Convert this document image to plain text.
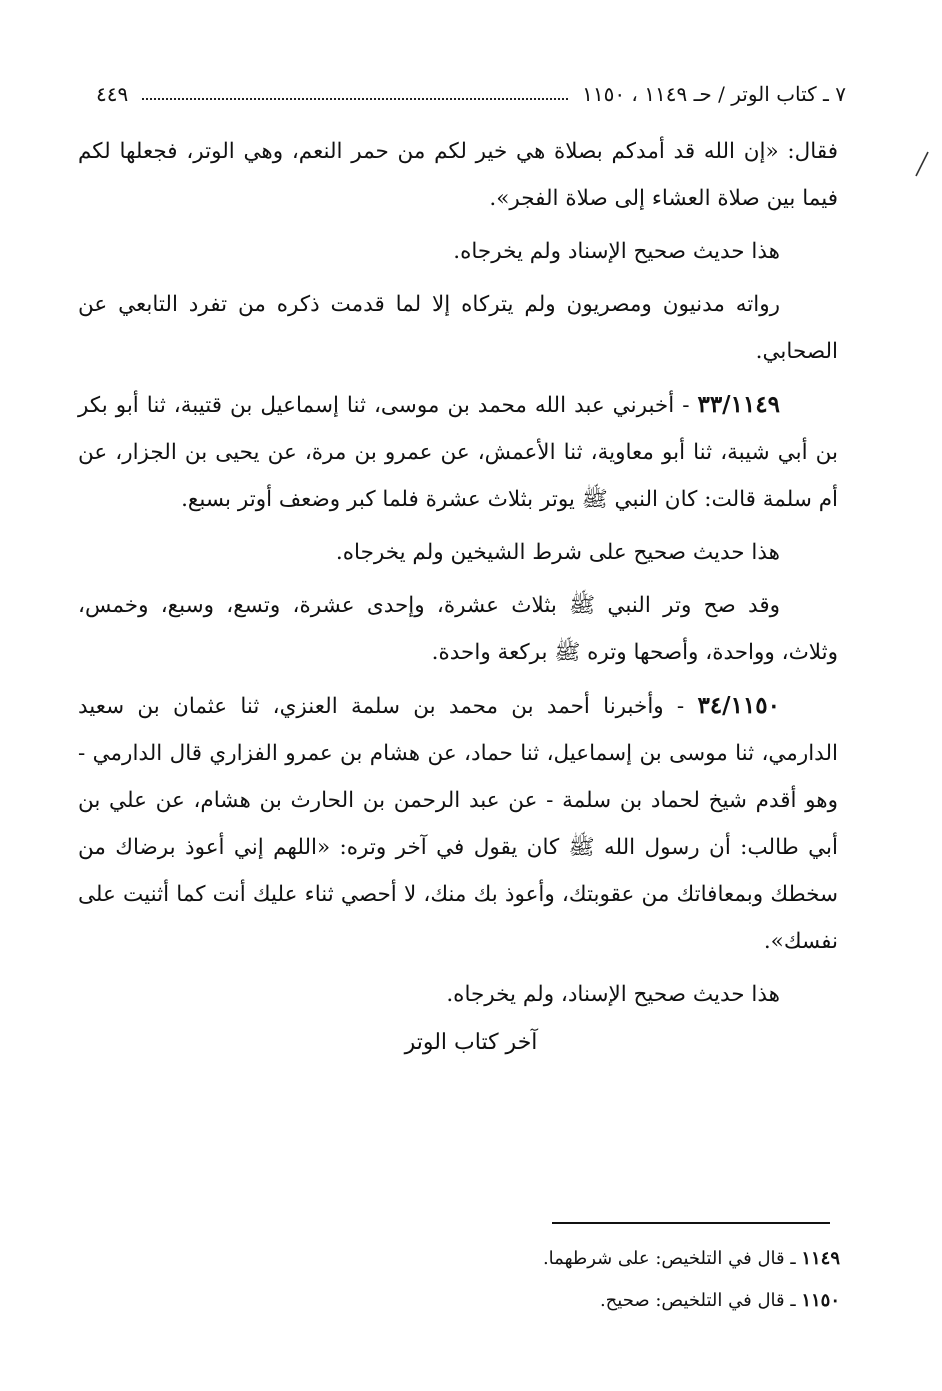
٧ ـ كتاب الوتر / حـ ١١٤٩ ، ١١٥٠
٤٤٩

فقال: «إن الله قد أمدكم بصلاة هي خير لكم من حمر النعم، وهي الوتر، فجعلها لكم فيما بين صلاة العشاء إلى صلاة الفجر».

هذا حديث صحيح الإسناد ولم يخرجاه.

رواته مدنيون ومصريون ولم يتركاه إلا لما قدمت ذكره من تفرد التابعي عن الصحابي.

٣٣/١١٤٩ - أخبرني عبد الله محمد بن موسى، ثنا إسماعيل بن قتيبة، ثنا أبو بكر بن أبي شيبة، ثنا أبو معاوية، ثنا الأعمش، عن عمرو بن مرة، عن يحيى بن الجزار، عن أم سلمة قالت: كان النبي ﷺ يوتر بثلاث عشرة فلما كبر وضعف أوتر بسبع.

هذا حديث صحيح على شرط الشيخين ولم يخرجاه.

وقد صح وتر النبي ﷺ بثلاث عشرة، وإحدى عشرة، وتسع، وسبع، وخمس، وثلاث، وواحدة، وأصحها وتره ﷺ بركعة واحدة.

٣٤/١١٥٠ - وأخبرنا أحمد بن محمد بن سلمة العنزي، ثنا عثمان بن سعيد الدارمي، ثنا موسى بن إسماعيل، ثنا حماد، عن هشام بن عمرو الفزاري قال الدارمي - وهو أقدم شيخ لحماد بن سلمة - عن عبد الرحمن بن الحارث بن هشام، عن علي بن أبي طالب: أن رسول الله ﷺ كان يقول في آخر وتره: «اللهم إني أعوذ برضاك من سخطك وبمعافاتك من عقوبتك، وأعوذ بك منك، لا أحصي ثناء عليك أنت كما أثنيت على نفسك».

هذا حديث صحيح الإسناد، ولم يخرجاه.

آخر كتاب الوتر

١١٤٩ ـ قال في التلخيص: على شرطهما.

١١٥٠ ـ قال في التلخيص: صحيح.
